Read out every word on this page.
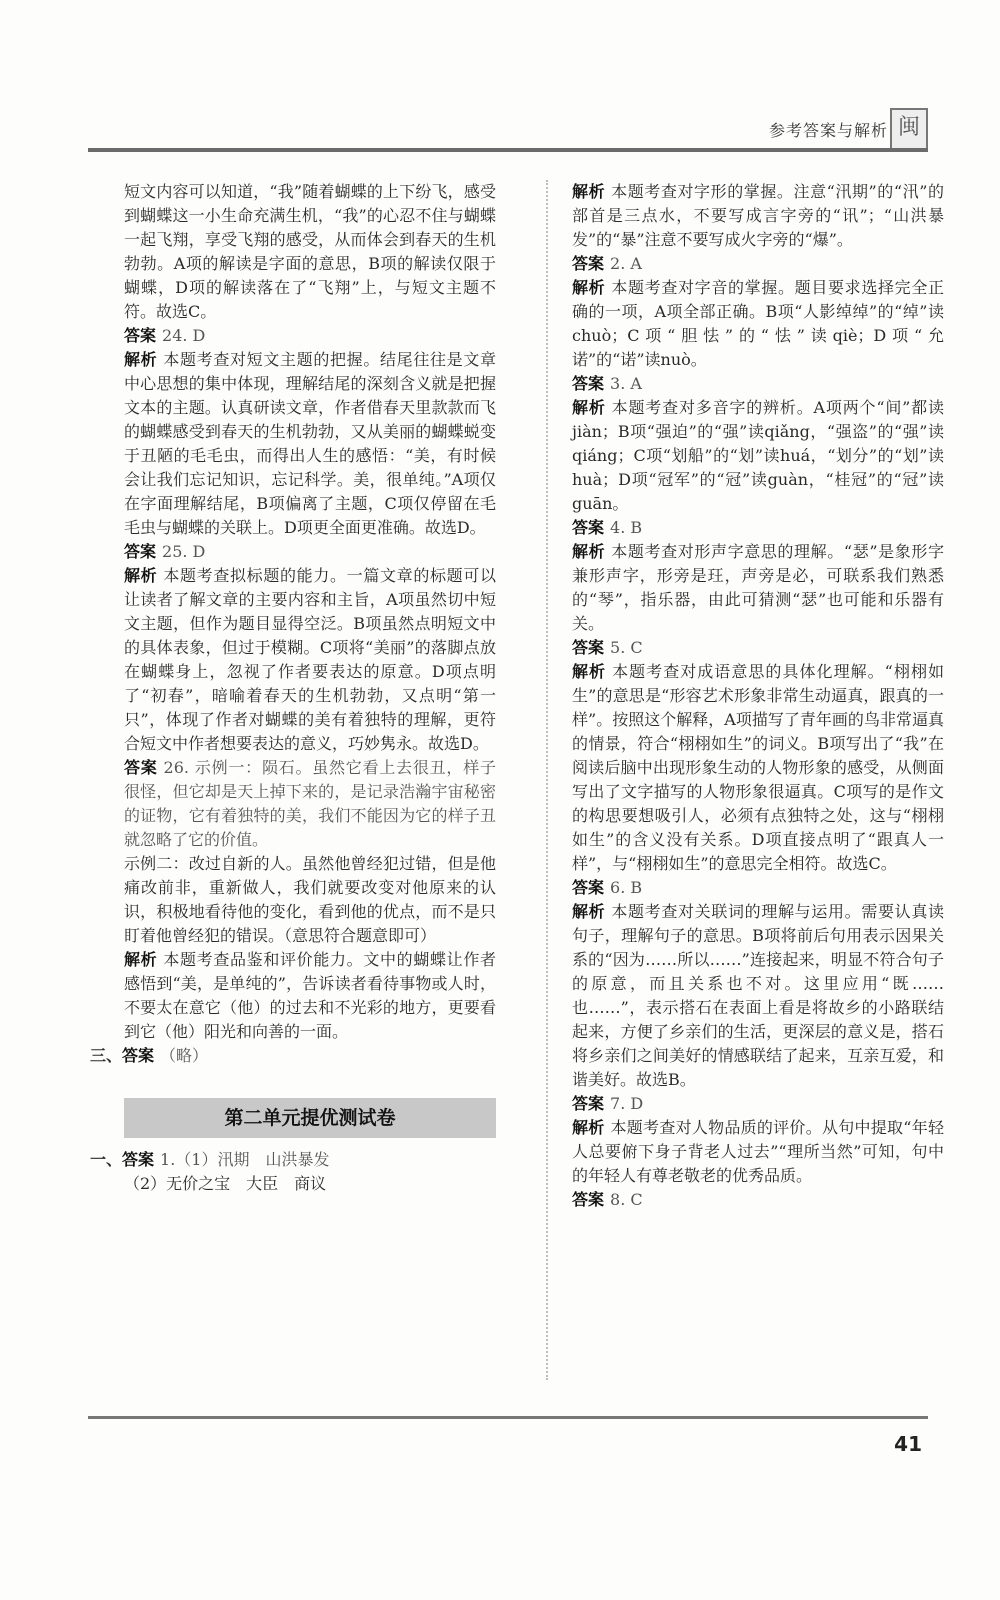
参考答案与解析 闽

短文内容可以知道，“我”随着蝴蝶的上下纷飞，感受到蝴蝶这一小生命充满生机，“我”的心忍不住与蝴蝶一起飞翔，享受飞翔的感受，从而体会到春天的生机勃勃。A项的解读是字面的意思，B项的解读仅限于蝴蝶，D项的解读落在了“飞翔”上，与短文主题不符。故选C。

答案 24. D

解析 本题考查对短文主题的把握。结尾往往是文章中心思想的集中体现，理解结尾的深刻含义就是把握文本的主题。认真研读文章，作者借春天里款款而飞的蝴蝶感受到春天的生机勃勃，又从美丽的蝴蝶蜕变于丑陋的毛毛虫，而得出人生的感悟：“美，有时候会让我们忘记知识，忘记科学。美，很单纯。”A项仅在字面理解结尾，B项偏离了主题，C项仅停留在毛毛虫与蝴蝶的关联上。D项更全面更准确。故选D。

答案 25. D

解析 本题考查拟标题的能力。一篇文章的标题可以让读者了解文章的主要内容和主旨，A项虽然切中短文主题，但作为题目显得空泛。B项虽然点明短文中的具体表象，但过于模糊。C项将“美丽”的落脚点放在蝴蝶身上，忽视了作者要表达的原意。D项点明了“初春”，暗喻着春天的生机勃勃，又点明“第一只”，体现了作者对蝴蝶的美有着独特的理解，更符合短文中作者想要表达的意义，巧妙隽永。故选D。

答案 26. 示例一：陨石。虽然它看上去很丑，样子很怪，但它却是天上掉下来的，是记录浩瀚宇宙秘密的证物，它有着独特的美，我们不能因为它的样子丑就忽略了它的价值。

示例二：改过自新的人。虽然他曾经犯过错，但是他痛改前非，重新做人，我们就要改变对他原来的认识，积极地看待他的变化，看到他的优点，而不是只盯着他曾经犯的错误。（意思符合题意即可）

解析 本题考查品鉴和评价能力。文中的蝴蝶让作者感悟到“美，是单纯的”，告诉读者看待事物或人时，不要太在意它（他）的过去和不光彩的地方，更要看到它（他）阳光和向善的一面。

三、答案 （略）

第二单元提优测试卷

一、答案 1.（1）汛期　山洪暴发

（2）无价之宝　大臣　商议

解析 本题考查对字形的掌握。注意“汛期”的“汛”的部首是三点水，不要写成言字旁的“讯”；“山洪暴发”的“暴”注意不要写成火字旁的“爆”。

答案 2. A

解析 本题考查对字音的掌握。题目要求选择完全正确的一项，A项全部正确。B项“人影绰绰”的“绰”读chuò；C项“胆怯”的“怯”读qiè；D项“允诺”的“诺”读nuò。

答案 3. A

解析 本题考查对多音字的辨析。A项两个“间”都读jiàn；B项“强迫”的“强”读qiǎng，“强盗”的“强”读qiáng；C项“划船”的“划”读huá，“划分”的“划”读huà；D项“冠军”的“冠”读guàn，“桂冠”的“冠”读guān。

答案 4. B

解析 本题考查对形声字意思的理解。“瑟”是象形字兼形声字，形旁是玨，声旁是必，可联系我们熟悉的“琴”，指乐器，由此可猜测“瑟”也可能和乐器有关。

答案 5. C

解析 本题考查对成语意思的具体化理解。“栩栩如生”的意思是“形容艺术形象非常生动逼真，跟真的一样”。按照这个解释，A项描写了青年画的鸟非常逼真的情景，符合“栩栩如生”的词义。B项写出了“我”在阅读后脑中出现形象生动的人物形象的感受，从侧面写出了文字描写的人物形象很逼真。C项写的是作文的构思要想吸引人，必须有点独特之处，这与“栩栩如生”的含义没有关系。D项直接点明了“跟真人一样”，与“栩栩如生”的意思完全相符。故选C。

答案 6. B

解析 本题考查对关联词的理解与运用。需要认真读句子，理解句子的意思。B项将前后句用表示因果关系的“因为……所以……”连接起来，明显不符合句子的原意，而且关系也不对。这里应用“既……也……”，表示搭石在表面上看是将故乡的小路联结起来，方便了乡亲们的生活，更深层的意义是，搭石将乡亲们之间美好的情感联结了起来，互亲互爱，和谐美好。故选B。

答案 7. D

解析 本题考查对人物品质的评价。从句中提取“年轻人总要俯下身子背老人过去”“理所当然”可知，句中的年轻人有尊老敬老的优秀品质。

答案 8. C

41
